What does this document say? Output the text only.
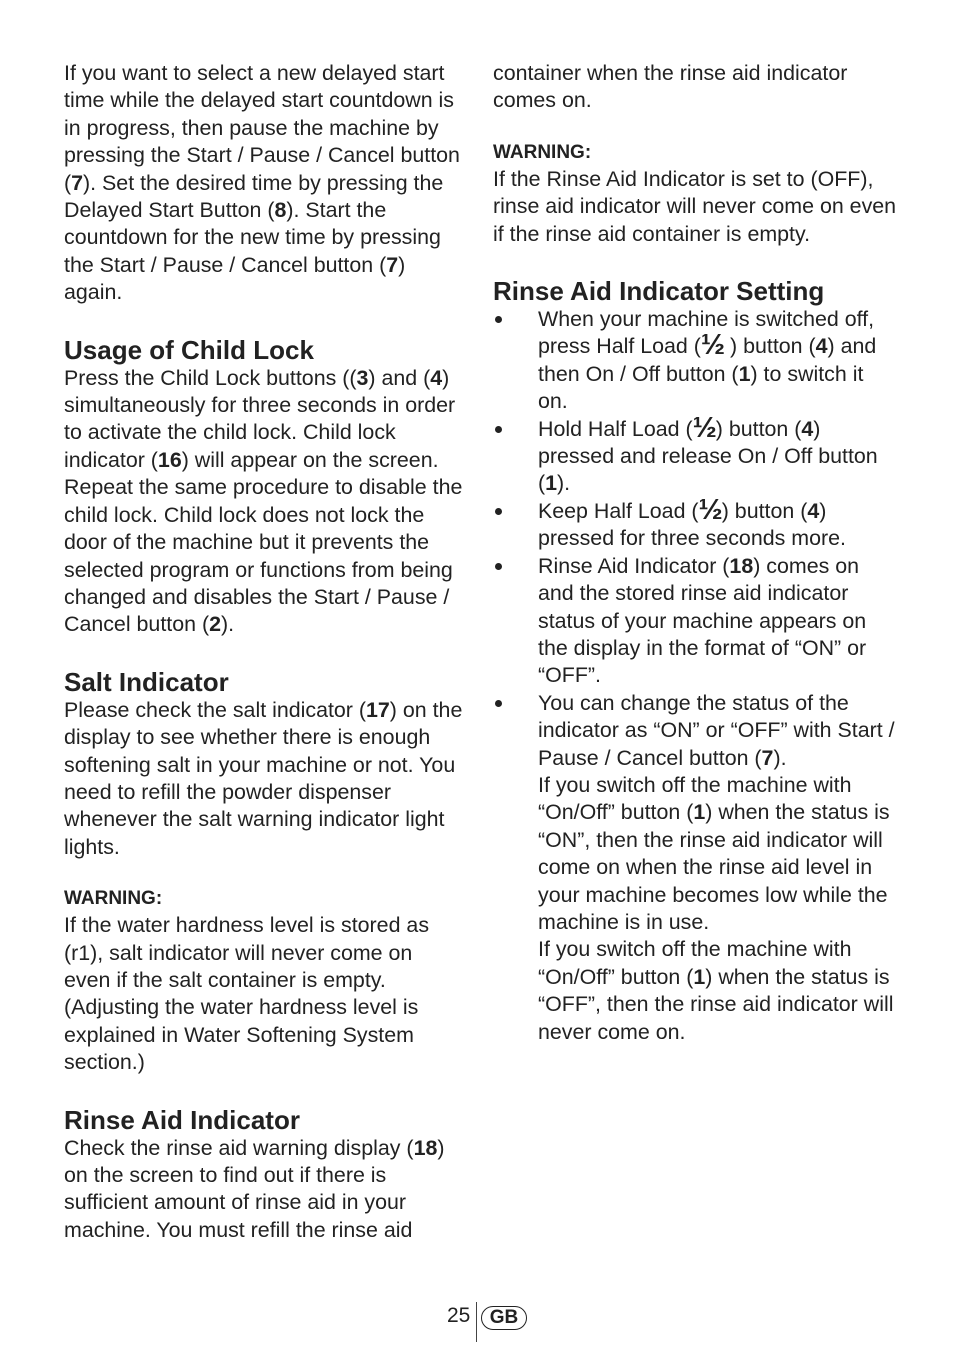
If you want to select a new delayed start time while the delayed start countdown is in progress, then pause the machine by pressing the Start / Pause / Cancel button (7). Set the desired time by pressing the Delayed Start Button (8). Start the countdown for the new time by pressing the Start / Pause / Cancel button (7) again.

Usage of Child Lock

Press the Child Lock buttons ((3) and (4) simultaneously for three seconds in order to activate the child lock. Child lock indicator (16) will appear on the screen. Repeat the same procedure to disable the child lock. Child lock does not lock the door of the machine but it prevents the selected program or functions from being changed and disables the Start / Pause / Cancel button (2).

Salt Indicator

Please check the salt indicator (17) on the display to see whether there is enough softening salt in your machine or not. You need to refill the powder dispenser whenever the salt warning indicator light lights.

WARNING:

If the water hardness level is stored as (r1), salt indicator will never come on even if the salt container is empty. (Adjusting the water hardness level is explained in Water Softening System section.)

Rinse Aid Indicator

Check the rinse aid warning display (18) on the screen to find out if there is sufficient amount of rinse aid in your machine. You must refill the rinse aid

container when the rinse aid indicator comes on.

WARNING:

If the Rinse Aid Indicator is set to (OFF), rinse aid indicator will never come on even if the rinse aid container is empty.

Rinse Aid Indicator Setting
When your machine is switched off, press Half Load (½ ) button (4) and then On / Off button (1) to switch it on.
Hold Half Load (½) button (4) pressed and release On / Off button (1).
Keep Half Load (½) button (4) pressed for three seconds more.
Rinse Aid Indicator (18) comes on and the stored rinse aid indicator status of your machine appears on the display in the format of “ON” or “OFF”.
You can change the status of the indicator as “ON” or “OFF” with Start / Pause / Cancel button (7).
If you switch off the machine with “On/Off” button (1) when the status is “ON”, then the rinse aid indicator will come on when the rinse aid level in your machine becomes low while the machine is in use.
If you switch off the machine with “On/Off” button (1) when the status is “OFF”, then the rinse aid indicator will never come on.
25	GB
